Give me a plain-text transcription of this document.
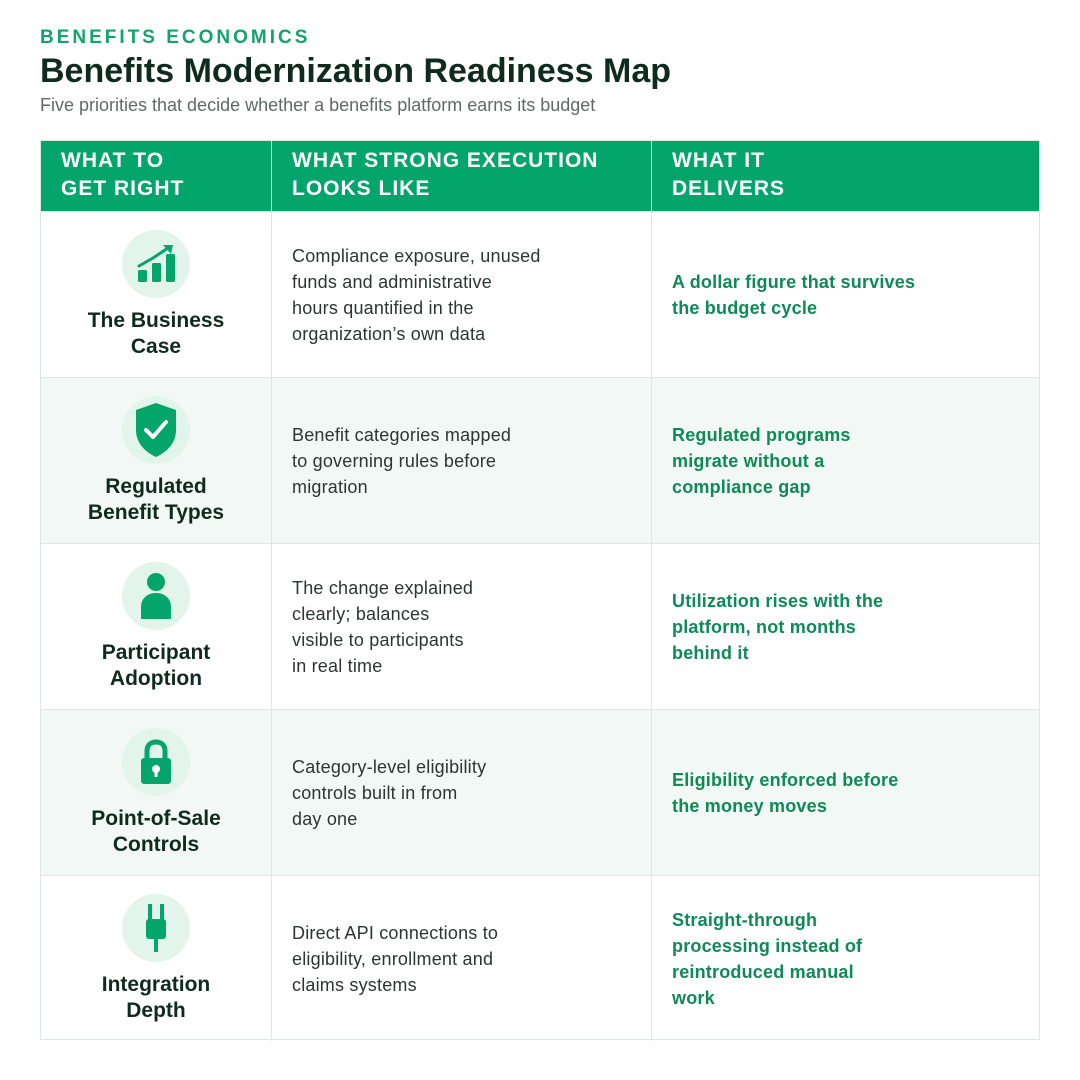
BENEFITS ECONOMICS

Benefits Modernization Readiness Map

Five priorities that decide whether a benefits platform earns its budget

WHAT TO
GET RIGHT
WHAT STRONG EXECUTION
LOOKS LIKE
WHAT IT
DELIVERS
The Business
Case
Compliance exposure, unused
funds and administrative
hours quantified in the
organization’s own data
A dollar figure that survives
the budget cycle
Regulated
Benefit Types
Benefit categories mapped
to governing rules before
migration
Regulated programs
migrate without a
compliance gap
Participant
Adoption
The change explained
clearly; balances
visible to participants
in real time
Utilization rises with the
platform, not months
behind it
Point-of-Sale
Controls
Category-level eligibility
controls built in from
day one
Eligibility enforced before
the money moves
Integration
Depth
Direct API connections to
eligibility, enrollment and
claims systems
Straight-through
processing instead of
reintroduced manual
work
